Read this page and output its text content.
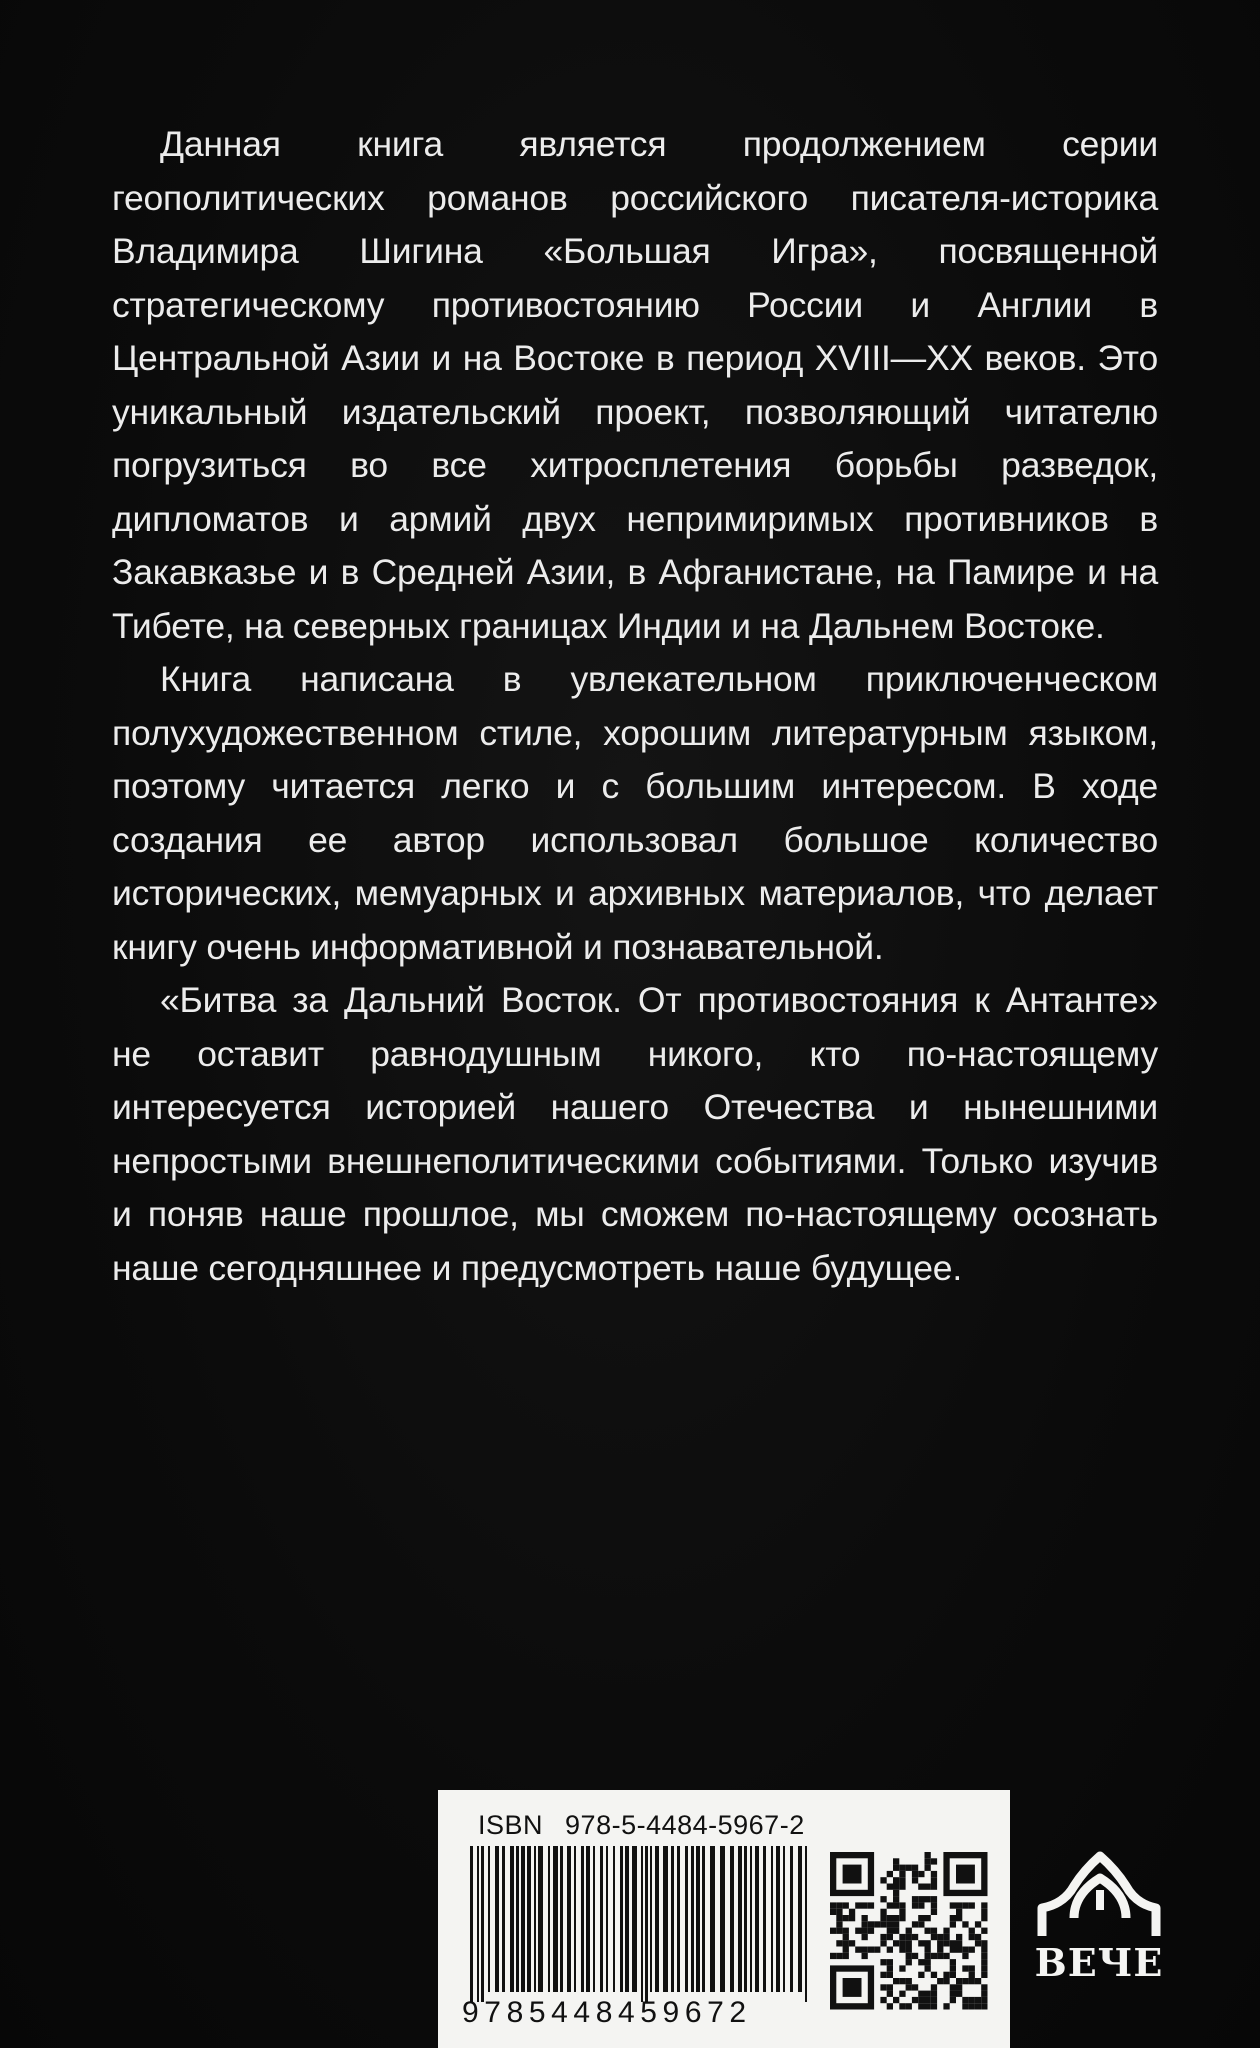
Данная книга является продолжением серии геополитических романов российского писателя-историка Владимира Шигина «Большая Игра», посвященной стратегическому противостоянию России и Англии в Центральной Азии и на Востоке в период XVIII—XX веков. Это уникальный издательский проект, позволяющий читателю погрузиться во все хитросплетения борьбы разведок, дипломатов и армий двух непримиримых противников в Закавказье и в Средней Азии, в Афганистане, на Памире и на Тибете, на северных границах Индии и на Дальнем Востоке.

Книга написана в увлекательном приключенческом полухудожественном стиле, хорошим литературным языком, поэтому читается легко и с большим интересом. В ходе создания ее автор использовал большое количество исторических, мемуарных и архивных материалов, что делает книгу очень информативной и познавательной.

«Битва за Дальний Восток. От противостояния к Антанте» не оставит равнодушным никого, кто по-настоящему интересуется историей нашего Отечества и нынешними непростыми внешнеполитическими событиями. Только изучив и поняв наше прошлое, мы сможем по-настоящему осознать наше сегодняшнее и предусмотреть наше будущее.

ISBN 978-5-4484-5967-2
9785448459672
ВЕЧЕ
